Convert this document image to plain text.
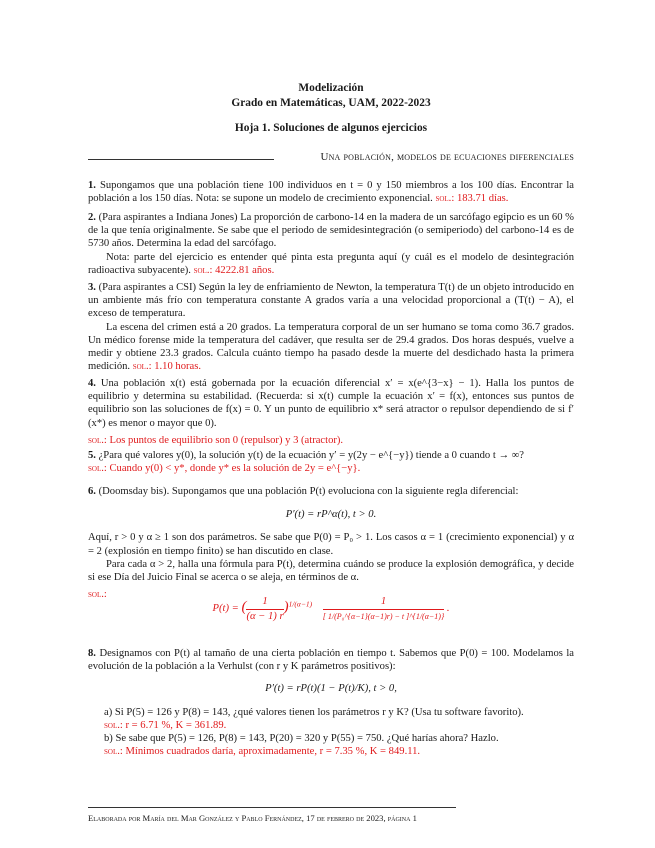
Modelización
Grado en Matemáticas, UAM, 2022-2023
Hoja 1. Soluciones de algunos ejercicios
Una población, modelos de ecuaciones diferenciales

1. Supongamos que una población tiene 100 individuos en t = 0 y 150 miembros a los 100 días. Encontrar la población a los 150 días. Nota: se supone un modelo de crecimiento exponencial. sol.: 183.71 días.

2. (Para aspirantes a Indiana Jones) La proporción de carbono-14 en la madera de un sarcófago egipcio es un 60 % de la que tenía originalmente. Se sabe que el periodo de semidesintegración (o semiperiodo) del carbono-14 es de 5730 años. Determina la edad del sarcófago.

Nota: parte del ejercicio es entender qué pinta esta pregunta aquí (y cuál es el modelo de desintegración radioactiva subyacente). sol.: 4222.81 años.

3. (Para aspirantes a CSI) Según la ley de enfriamiento de Newton, la temperatura T(t) de un objeto introducido en un ambiente más frío con temperatura constante A grados varía a una velocidad proporcional a (T(t) − A), el exceso de temperatura.

La escena del crimen está a 20 grados. La temperatura corporal de un ser humano se toma como 36.7 grados. Un médico forense mide la temperatura del cadáver, que resulta ser de 29.4 grados. Dos horas después, vuelve a medir y obtiene 23.3 grados. Calcula cuánto tiempo ha pasado desde la muerte del desdichado hasta la primera medición. sol.: 1.10 horas.

4. Una población x(t) está gobernada por la ecuación diferencial x′ = x(e^{3−x} − 1). Halla los puntos de equilibrio y determina su estabilidad. (Recuerda: si x(t) cumple la ecuación x′ = f(x), entonces sus puntos de equilibrio son las soluciones de f(x) = 0. Y un punto de equilibrio x* será atractor o repulsor dependiendo de si f′(x*) es menor o mayor que 0).

sol.: Los puntos de equilibrio son 0 (repulsor) y 3 (atractor).

5. ¿Para qué valores y(0), la solución y(t) de la ecuación y′ = y(2y − e^{−y}) tiende a 0 cuando t → ∞?

sol.: Cuando y(0) < y*, donde y* es la solución de 2y = e^{−y}.

6. (Doomsday bis). Supongamos que una población P(t) evoluciona con la siguiente regla diferencial:

P′(t) = rP^α(t), t > 0.

Aquí, r > 0 y α ≥ 1 son dos parámetros. Se sabe que P(0) = P₀ > 1. Los casos α = 1 (crecimiento exponencial) y α = 2 (explosión en tiempo finito) se han discutido en clase.

Para cada α > 2, halla una fórmula para P(t), determina cuándo se produce la explosión demográfica, y decide si ese Día del Juicio Final se acerca o se aleja, en términos de α.

sol.:

P(t) = ( $\frac{1}{(\alpha - 1) r} )^{1/(\alpha-1)} \frac{1}{\text{[ 1/(P₀\textasciicircum{}\{α−1\}(α−1)r) − t ]\textasciicircum{}\{1/(α−1)\}}}$ .

8. Designamos con P(t) al tamaño de una cierta población en tiempo t. Sabemos que P(0) = 100. Modelamos la evolución de la población a la Verhulst (con r y K parámetros positivos):

P′(t) = rP(t)(1 − P(t)/K), t > 0,

a) Si P(5) = 126 y P(8) = 143, ¿qué valores tienen los parámetros r y K? (Usa tu software favorito).

sol.: r = 6.71 %, K = 361.89.

b) Se sabe que P(5) = 126, P(8) = 143, P(20) = 320 y P(55) = 750. ¿Qué harías ahora? Hazlo.

sol.: Mínimos cuadrados daría, aproximadamente, r = 7.35 %, K = 849.11.

Elaborada por María del Mar González y Pablo Fernández, 17 de febrero de 2023, página 1
